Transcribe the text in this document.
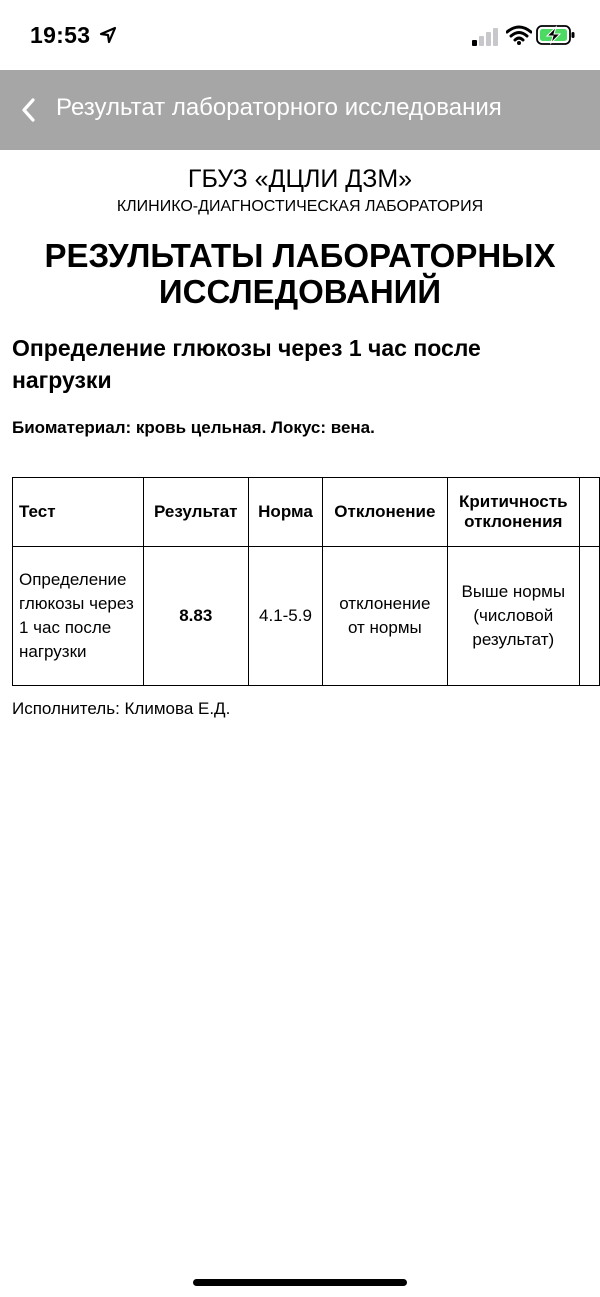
19:53
Результат лабораторного исследования
ГБУЗ «ДЦЛИ ДЗМ»
КЛИНИКО-ДИАГНОСТИЧЕСКАЯ ЛАБОРАТОРИЯ
РЕЗУЛЬТАТЫ ЛАБОРАТОРНЫХ ИССЛЕДОВАНИЙ
Определение глюкозы через 1 час после нагрузки
Биоматериал: кровь цельная. Локус: вена.
Тест	Результат	Норма	Отклонение	Критичность отклонения	
Определение глюкозы через 1 час после нагрузки	8.83	4.1-5.9	отклонение от нормы	Выше нормы (числовой результат)	
Исполнитель: Климова Е.Д.
